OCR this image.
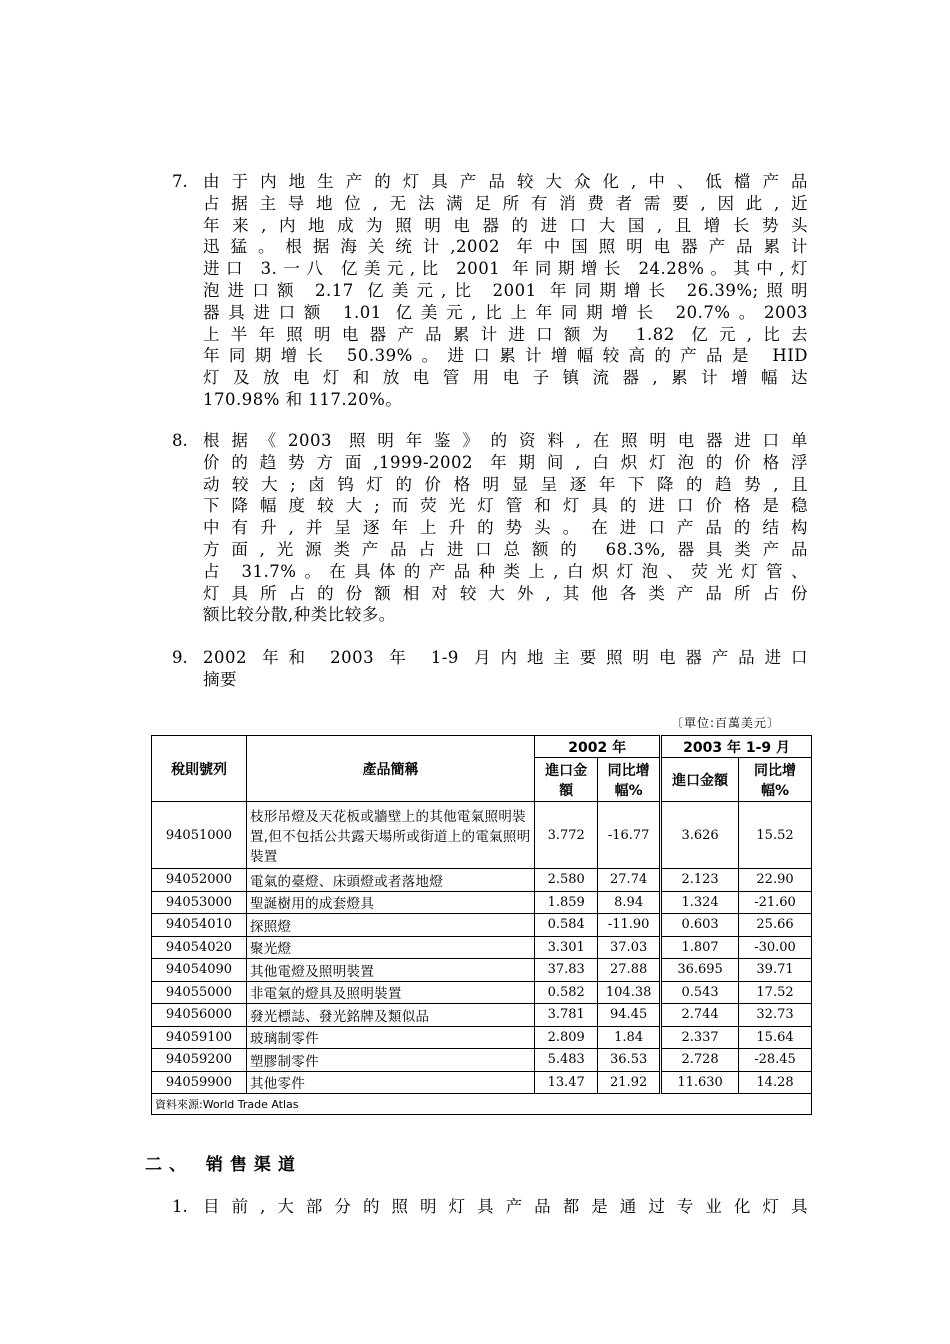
7. 由于内地生产的灯具产品较大众化,中、低檔产品
占据主导地位,无法满足所有消费者需要,因此,近
年来,内地成为照明电器的进口大国,且增长势头
迅猛。根据海关统计,2002 年中国照明电器产品累计
进口 3.一八 亿美元,比 2001 年同期增长 24.28%。其中,灯
泡进口额 2.17 亿美元,比 2001 年同期增长 26.39%;照明
器具进口额 1.01 亿美元,比上年同期增长 20.7%。2003
上半年照明电器产品累计进口额为 1.82 亿元,比去
年同期增长 50.39%。进口累计增幅较高的产品是 HID
灯及放电灯和放电管用电子镇流器,累计增幅达
170.98% 和 117.20%。
8. 根据《2003 照明年鉴》的资料,在照明电器进口单
价的趋势方面,1999-2002 年期间,白炽灯泡的价格浮
动较大;卤钨灯的价格明显呈逐年下降的趋势,且
下降幅度较大;而荧光灯管和灯具的进口价格是稳
中有升,并呈逐年上升的势头。在进口产品的结构
方面,光源类产品占进口总额的 68.3%,器具类产品
占 31.7%。在具体的产品种类上,白炽灯泡、荧光灯管、
灯具所占的份额相对较大外,其他各类产品所占份
额比较分散,种类比较多。
9. 2002 年和 2003 年 1-9 月内地主要照明电器产品进口
摘要
〔單位:百萬美元〕
稅則號列	產品簡稱	2002 年		2003 年 1-9 月	
		進口金額	同比增幅%	進口金額	同比增幅%
94051000	枝形吊燈及天花板或牆壁上的其他電氣照明裝置,但不包括公共露天場所或街道上的電氣照明裝置	3.772	-16.77	3.626	15.52
94052000	電氣的臺燈、床頭燈或者落地燈	2.580	27.74	2.123	22.90
94053000	聖誕樹用的成套燈具	1.859	8.94	1.324	-21.60
94054010	探照燈	0.584	-11.90	0.603	25.66
94054020	聚光燈	3.301	37.03	1.807	-30.00
94054090	其他電燈及照明裝置	37.83	27.88	36.695	39.71
94055000	非電氣的燈具及照明裝置	0.582	104.38	0.543	17.52
94056000	發光標誌、發光銘牌及類似品	3.781	94.45	2.744	32.73
94059100	玻璃制零件	2.809	1.84	2.337	15.64
94059200	塑膠制零件	5.483	36.53	2.728	-28.45
94059900	其他零件	13.47	21.92	11.630	14.28
資料來源:World Trade Atlas					
二、 销售渠道
1. 目前,大部分的照明灯具产品都是通过专业化灯具
